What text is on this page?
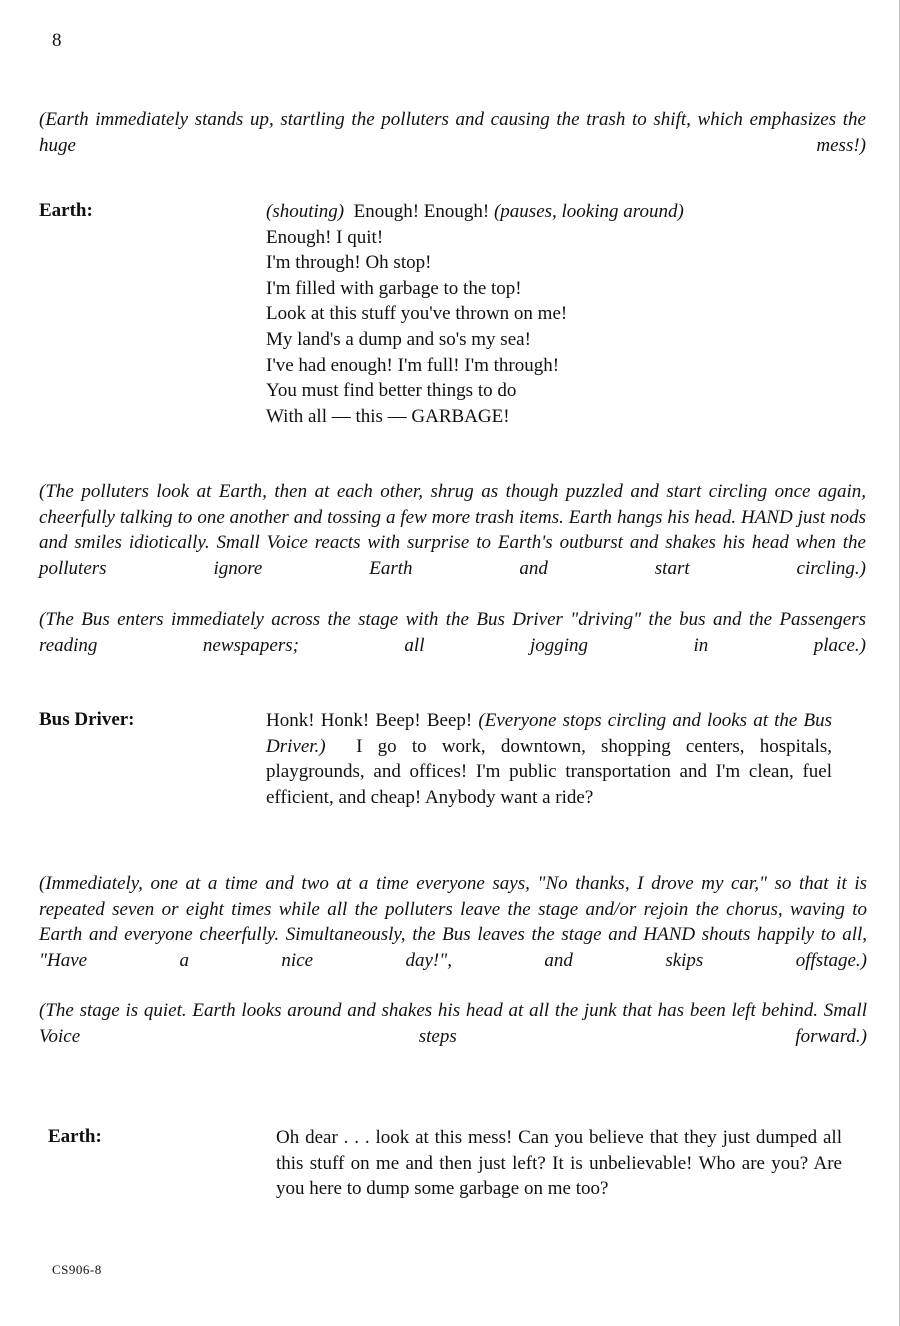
8
(Earth immediately stands up, startling the polluters and causing the trash to shift, which emphasizes the huge mess!)
Earth:	(shouting) Enough! Enough! (pauses, looking around)
Enough! I quit!
I'm through! Oh stop!
I'm filled with garbage to the top!
Look at this stuff you've thrown on me!
My land's a dump and so's my sea!
I've had enough! I'm full! I'm through!
You must find better things to do
With all — this — GARBAGE!
(The polluters look at Earth, then at each other, shrug as though puzzled and start circling once again, cheerfully talking to one another and tossing a few more trash items. Earth hangs his head. HAND just nods and smiles idiotically. Small Voice reacts with surprise to Earth's outburst and shakes his head when the polluters ignore Earth and start circling.)
(The Bus enters immediately across the stage with the Bus Driver "driving" the bus and the Passengers reading newspapers; all jogging in place.)
Bus Driver:	Honk! Honk! Beep! Beep! (Everyone stops circling and looks at the Bus Driver.) I go to work, downtown, shopping centers, hospitals, playgrounds, and offices! I'm public transportation and I'm clean, fuel efficient, and cheap! Anybody want a ride?
(Immediately, one at a time and two at a time everyone says, "No thanks, I drove my car," so that it is repeated seven or eight times while all the polluters leave the stage and/or rejoin the chorus, waving to Earth and everyone cheerfully. Simultaneously, the Bus leaves the stage and HAND shouts happily to all, "Have a nice day!", and skips offstage.)
(The stage is quiet. Earth looks around and shakes his head at all the junk that has been left behind. Small Voice steps forward.)
Earth:	Oh dear . . . look at this mess! Can you believe that they just dumped all this stuff on me and then just left? It is unbelievable! Who are you? Are you here to dump some garbage on me too?
CS906-8
